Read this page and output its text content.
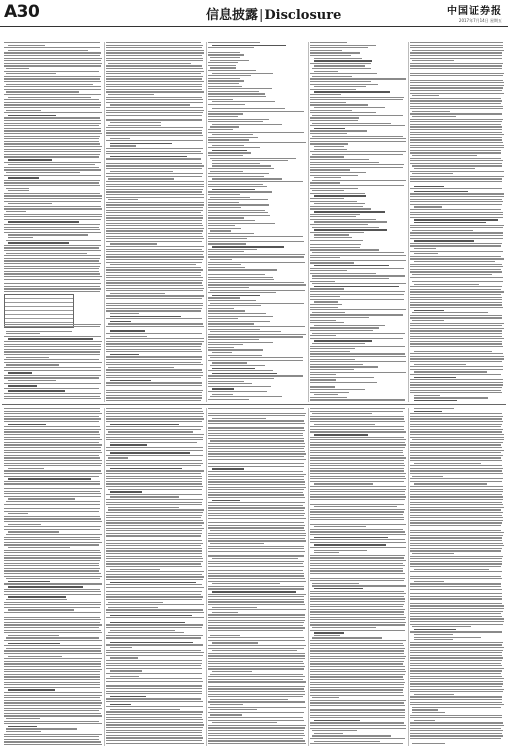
A30	信息披露|Disclosure	中国证券报
2017年7月14日 星期五
